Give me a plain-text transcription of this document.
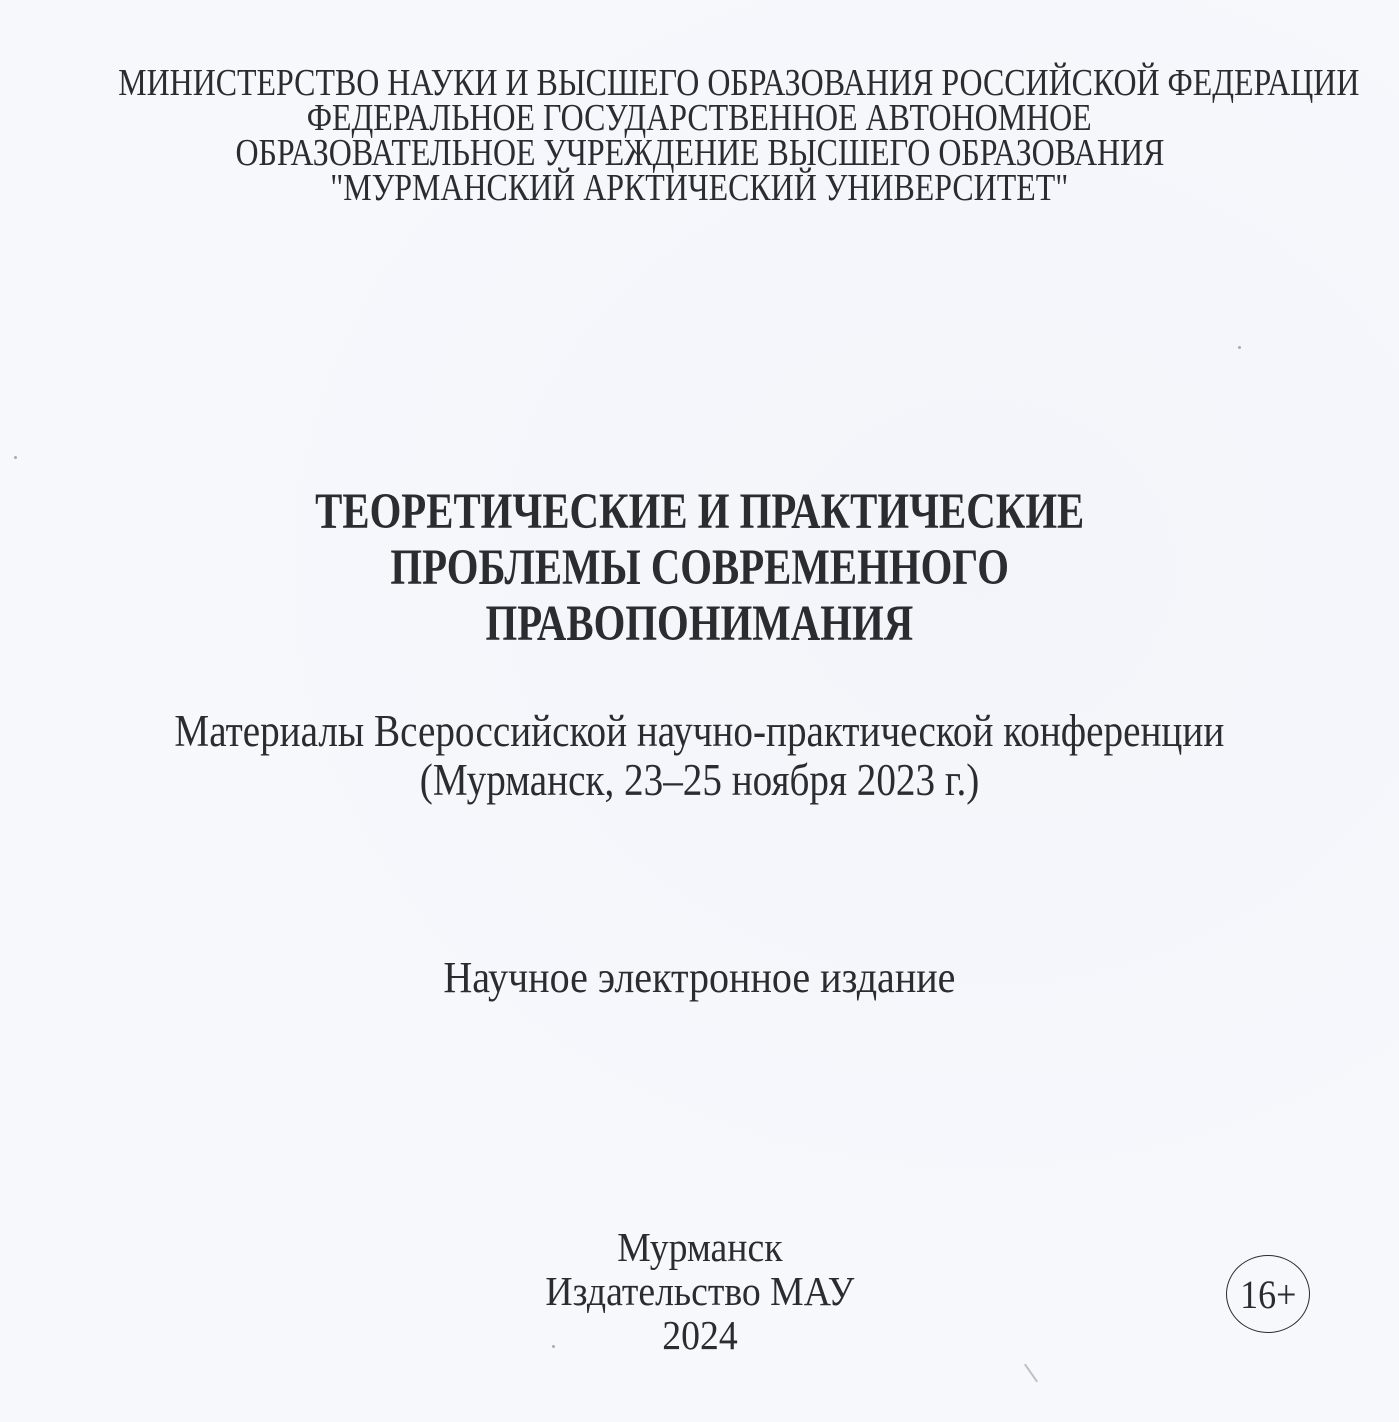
МИНИСТЕРСТВО НАУКИ И ВЫСШЕГО ОБРАЗОВАНИЯ РОССИЙСКОЙ ФЕДЕРАЦИИ
ФЕДЕРАЛЬНОЕ ГОСУДАРСТВЕННОЕ АВТОНОМНОЕ
ОБРАЗОВАТЕЛЬНОЕ УЧРЕЖДЕНИЕ ВЫСШЕГО ОБРАЗОВАНИЯ
"МУРМАНСКИЙ АРКТИЧЕСКИЙ УНИВЕРСИТЕТ"
ТЕОРЕТИЧЕСКИЕ И ПРАКТИЧЕСКИЕ
ПРОБЛЕМЫ СОВРЕМЕННОГО
ПРАВОПОНИМАНИЯ
Материалы Всероссийской научно-практической конференции
(Мурманск, 23–25 ноября 2023 г.)
Научное электронное издание
Мурманск
Издательство МАУ
2024
16+
